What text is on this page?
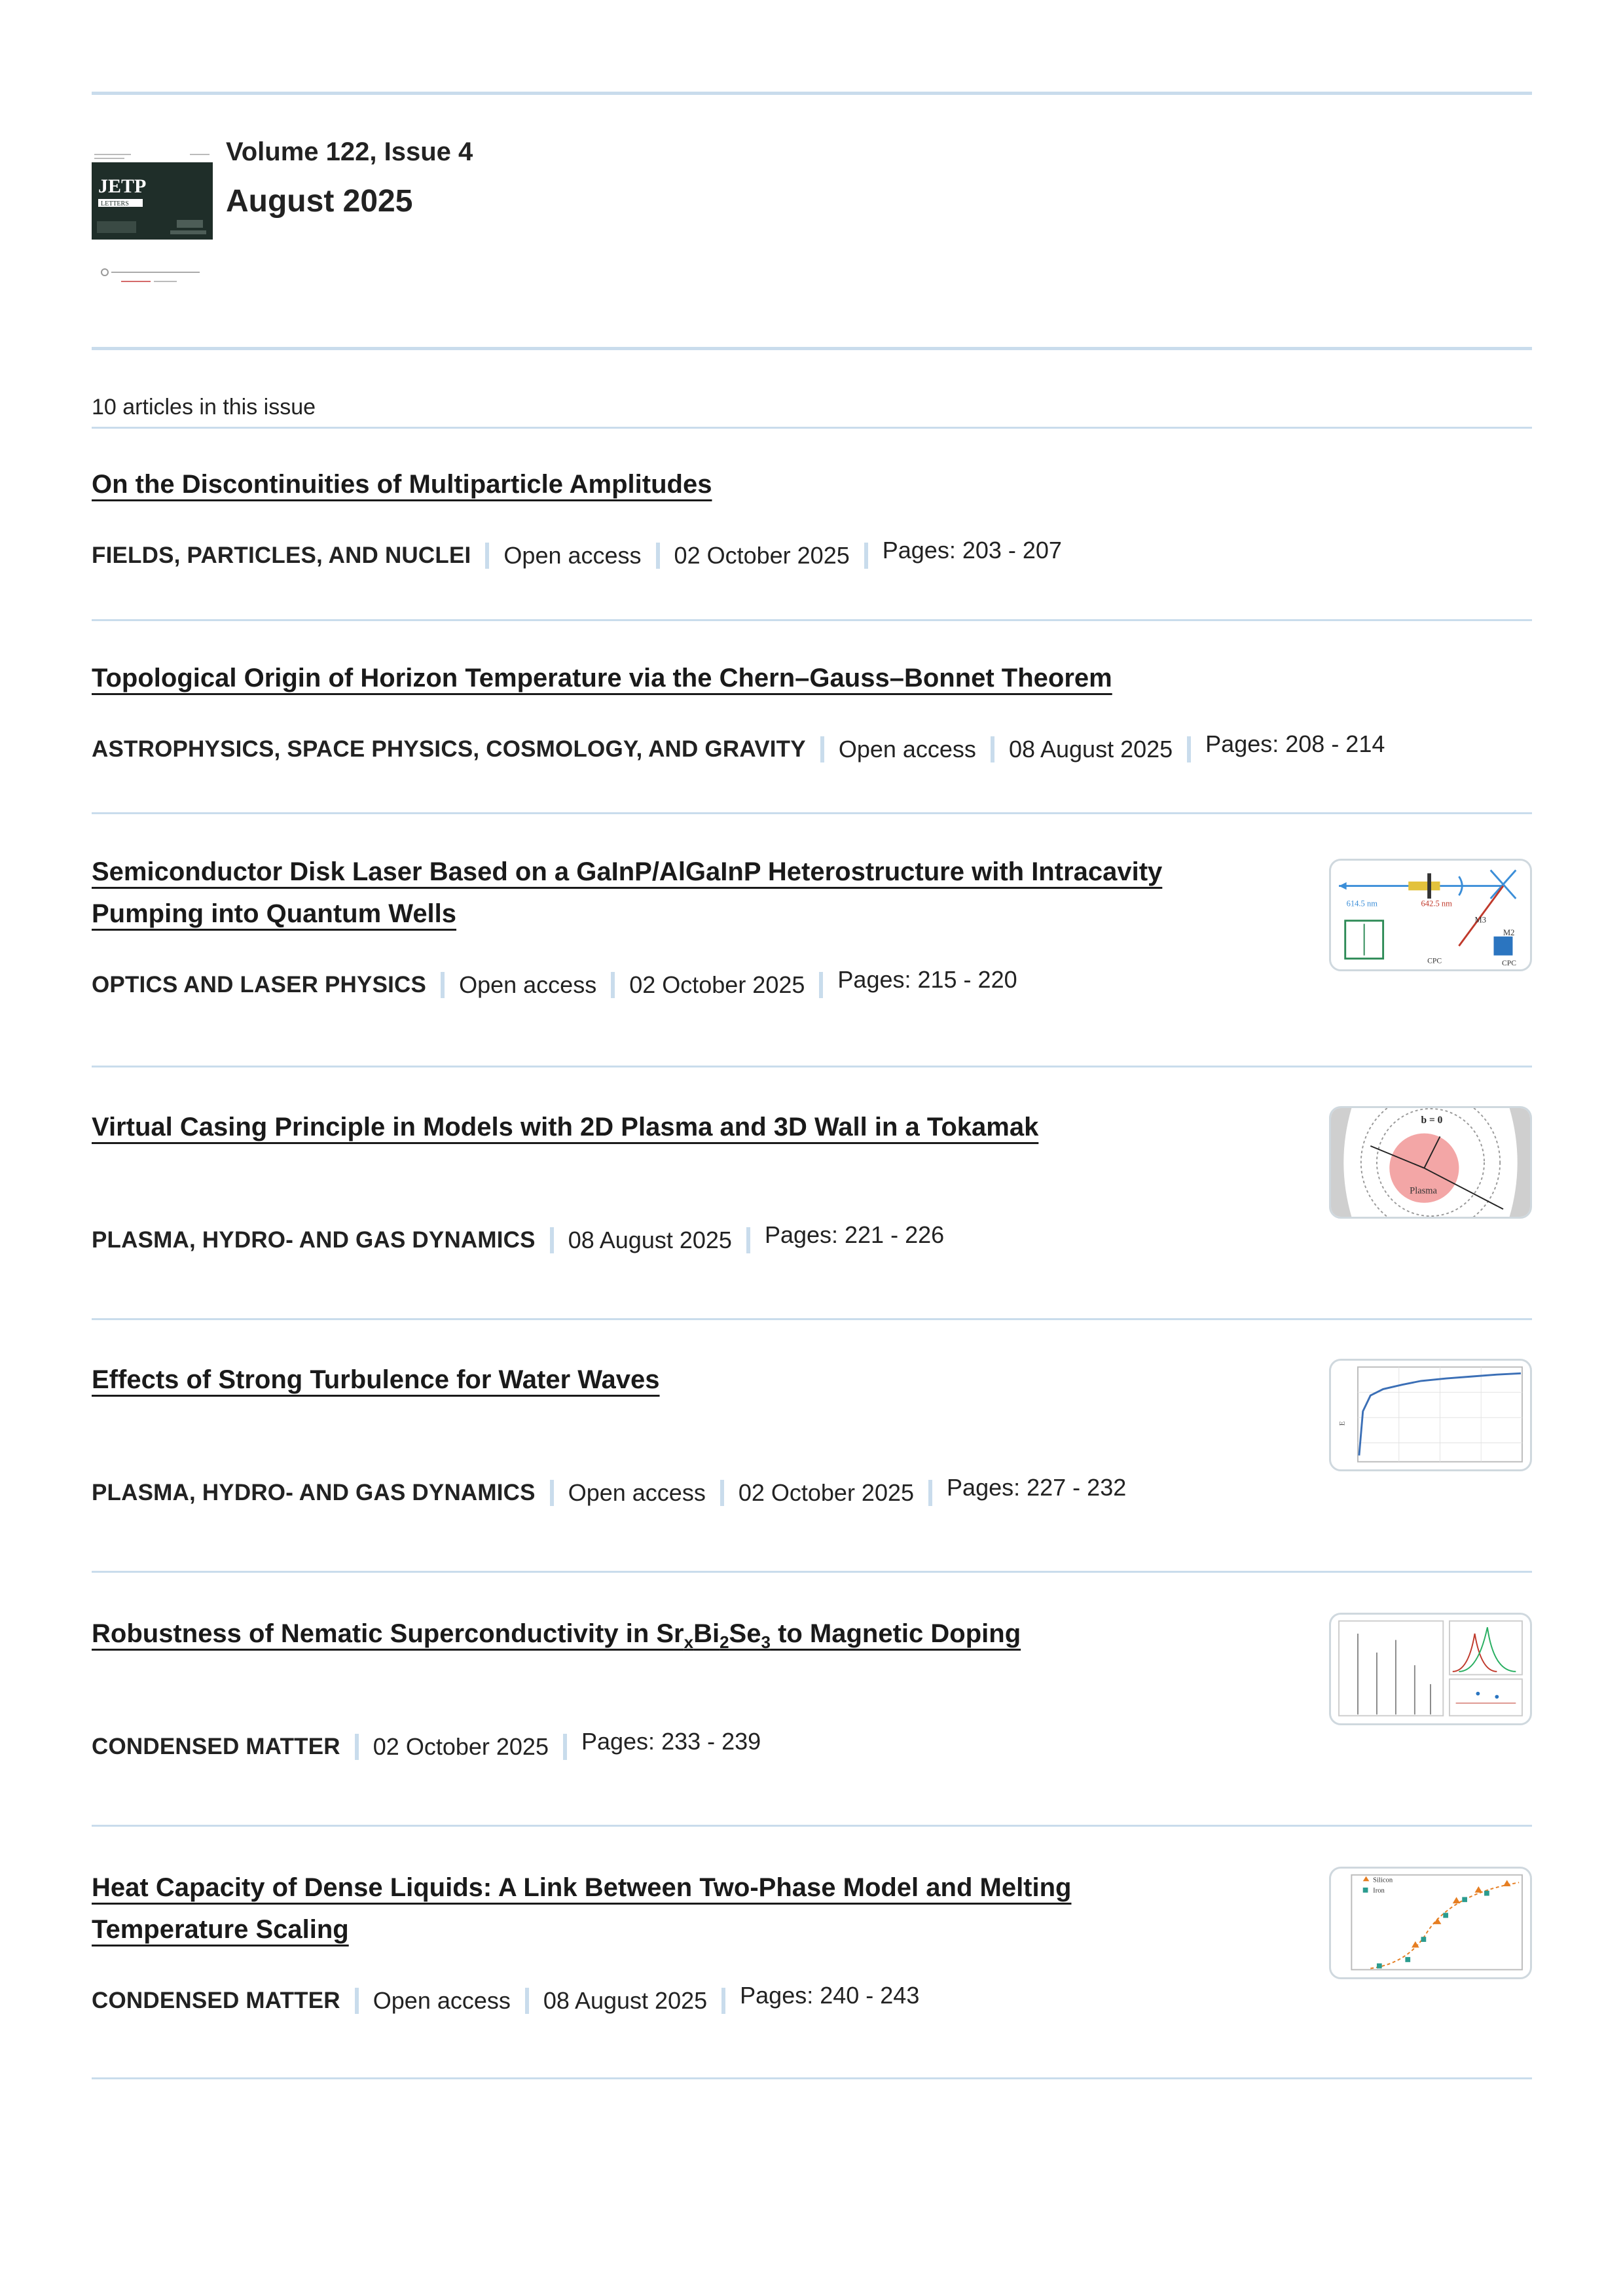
JETP
LETTERS
Volume 122, Issue 4
August 2025
10 articles in this issue
On the Discontinuities of Multiparticle Amplitudes
FIELDS, PARTICLES, AND NUCLEI Open access 02 October 2025 Pages: 203 - 207
Topological Origin of Horizon Temperature via the Chern–Gauss–Bonnet Theorem
ASTROPHYSICS, SPACE PHYSICS, COSMOLOGY, AND GRAVITY Open access 08 August 2025 Pages: 208 - 214
Semiconductor Disk Laser Based on a GaInP/AlGaInP Heterostructure with Intracavity
Pumping into Quantum Wells
OPTICS AND LASER PHYSICS Open access 02 October 2025 Pages: 215 - 220
614.5 nm	642.5 nm
M3
M2
CPC	CPC
Virtual Casing Principle in Models with 2D Plasma and 3D Wall in a Tokamak
PLASMA, HYDRO- AND GAS DYNAMICS 08 August 2025 Pages: 221 - 226
b = 0
Plasma
Effects of Strong Turbulence for Water Waves
PLASMA, HYDRO- AND GAS DYNAMICS Open access 02 October 2025 Pages: 227 - 232
E
Robustness of Nematic Superconductivity in $Sr_xBi_2Se_3$ to Magnetic Doping
CONDENSED MATTER 02 October 2025 Pages: 233 - 239
Heat Capacity of Dense Liquids: A Link Between Two-Phase Model and Melting
Temperature Scaling
CONDENSED MATTER Open access 08 August 2025 Pages: 240 - 243
Silicon
Iron
